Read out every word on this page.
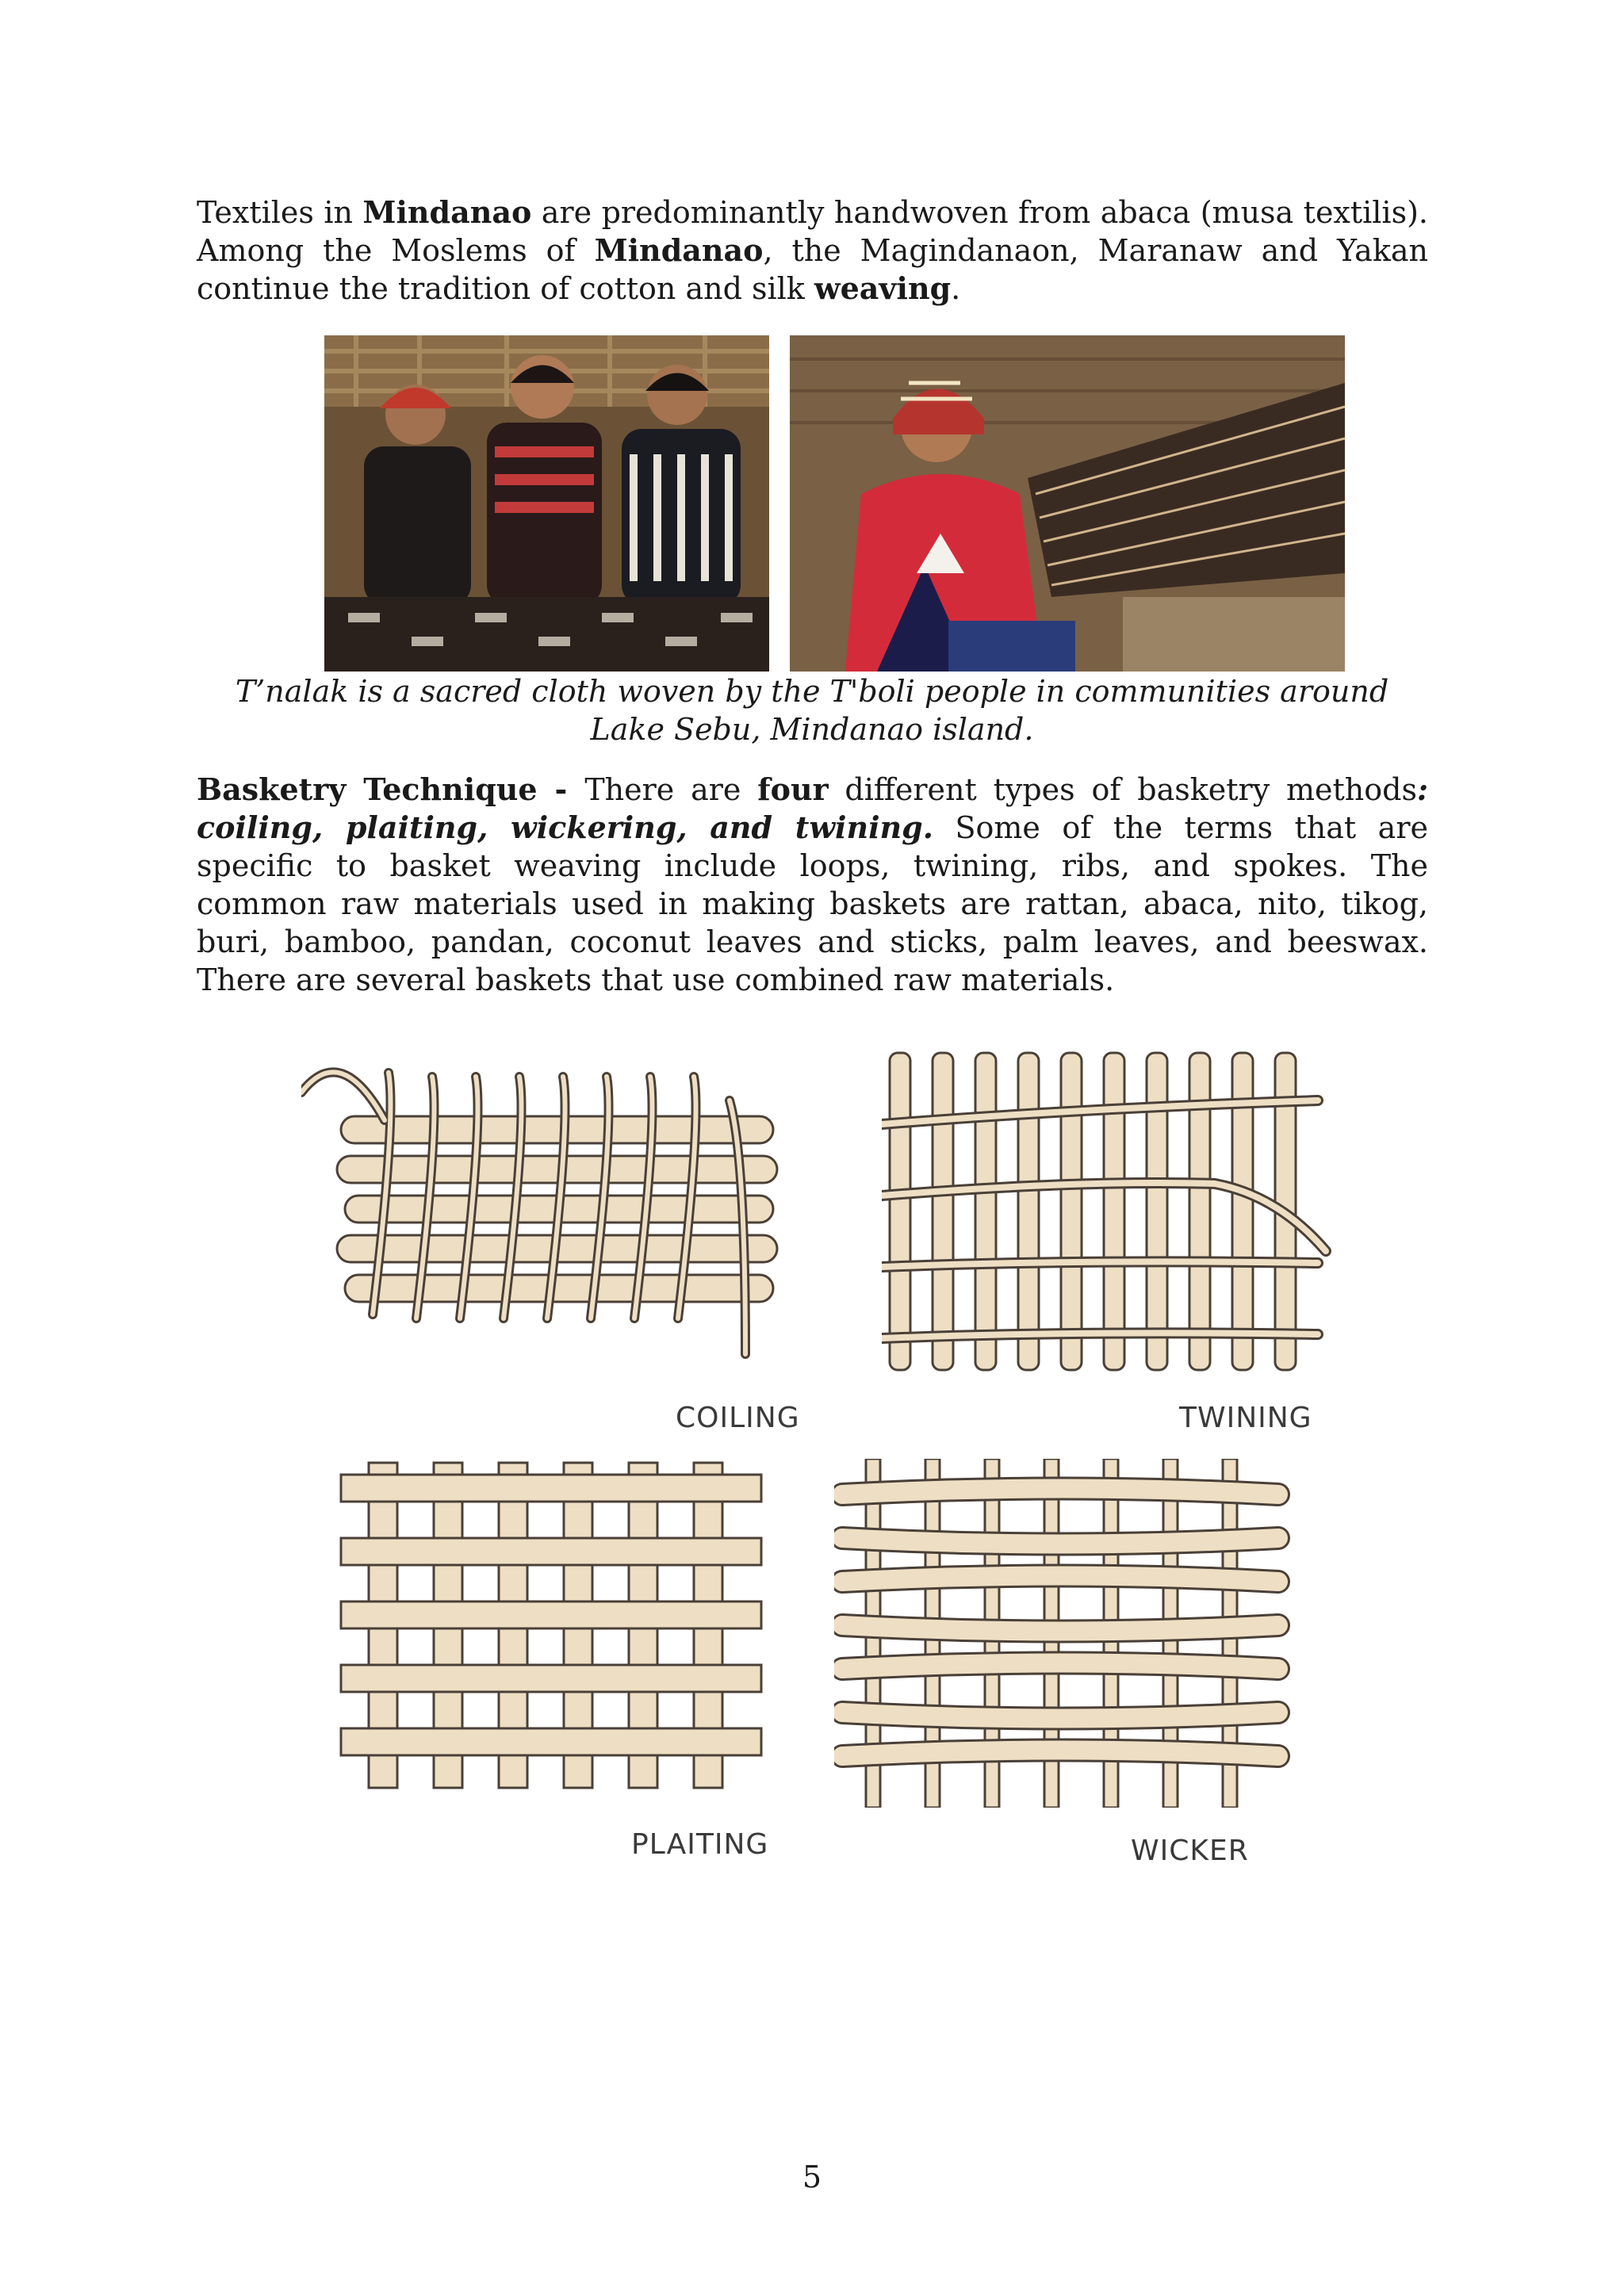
Textiles in Mindanao are predominantly handwoven from abaca (musa textilis). Among the Moslems of Mindanao, the Magindanaon, Maranaw and Yakan continue the tradition of cotton and silk weaving.

T’nalak is a sacred cloth woven by the T'boli people in communities around Lake Sebu, Mindanao island.

Basketry Technique - There are four different types of basketry methods: coiling, plaiting, wickering, and twining. Some of the terms that are specific to basket weaving include loops, twining, ribs, and spokes. The common raw materials used in making baskets are rattan, abaca, nito, tikog, buri, bamboo, pandan, coconut leaves and sticks, palm leaves, and beeswax. There are several baskets that use combined raw materials.

COILING	TWINING
PLAITING	WICKER
5
